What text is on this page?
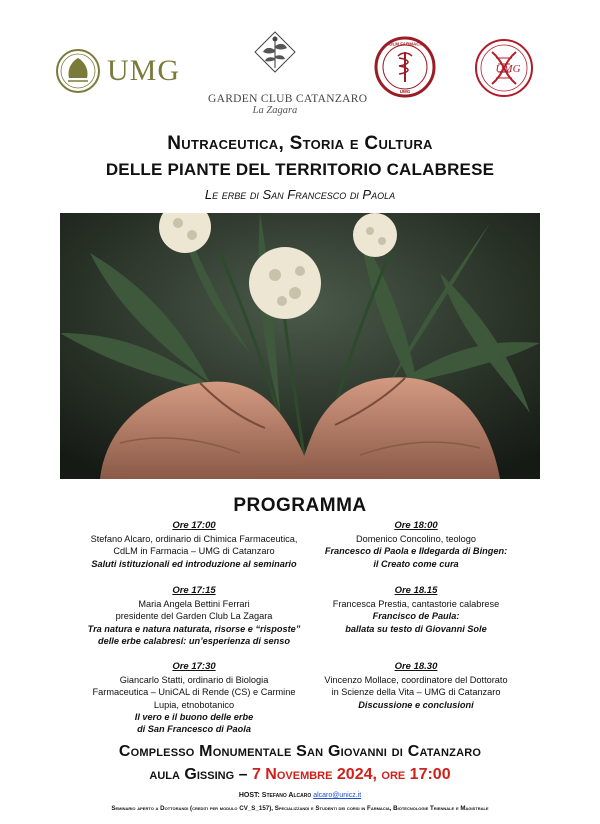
UMG
GARDEN CLUB CATANZARO
La Zagara
CDLM FARMACIA
UMG
UMG
Nutraceutica, Storia e Cultura
DELLE PIANTE DEL TERRITORIO CALABRESE
Le erbe di San Francesco di Paola
PROGRAMMA
Ore 17:00
Stefano Alcaro, ordinario di Chimica Farmaceutica,
CdLM in Farmacia – UMG di Catanzaro
Saluti istituzionali ed introduzione al seminario
Ore 17:15
Maria Angela Bettini Ferrari
presidente del Garden Club La Zagara
Tra natura e natura naturata, risorse e “risposte”
delle erbe calabresi: un’esperienza di senso
Ore 17:30
Giancarlo Statti, ordinario di Biologia
Farmaceutica – UniCAL di Rende (CS) e Carmine
Lupia, etnobotanico
Il vero e il buono delle erbe
di San Francesco di Paola
Ore 18:00
Domenico Concolino, teologo
Francesco di Paola e Ildegarda di Bingen:
il Creato come cura
Ore 18.15
Francesca Prestia, cantastorie calabrese
Francisco de Paula:
ballata su testo di Giovanni Sole
Ore 18.30
Vincenzo Mollace, coordinatore del Dottorato
in Scienze della Vita – UMG di Catanzaro
Discussione e conclusioni
Complesso Monumentale San Giovanni di Catanzaro
aula Gissing – 7 Novembre 2024, ore 17:00
HOST: Stefano Alcaro alcaro@unicz.it
Seminario aperto a Dottorandi (crediti per modulo CV_S_157), Specializzandi e Studenti dei corsi in Farmacia, Biotecnologie Triennale e Magistrale
